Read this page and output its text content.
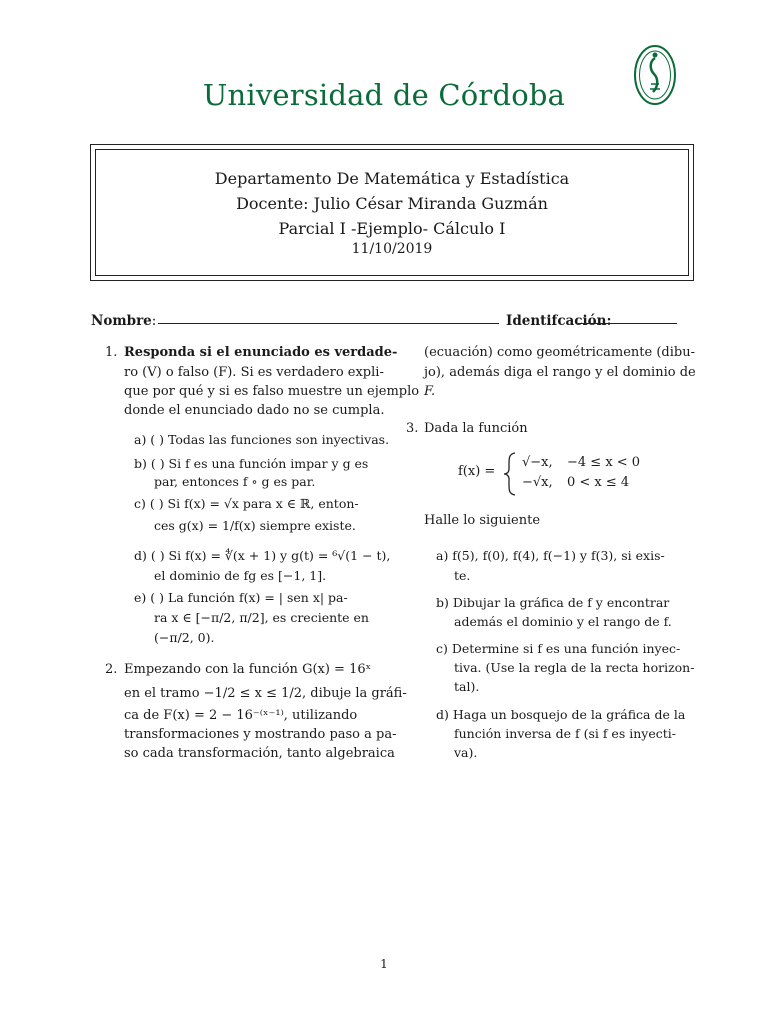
Universidad de Córdoba
Departamento De Matemática y Estadística
Docente: Julio César Miranda Guzmán
Parcial I -Ejemplo- Cálculo I
11/10/2019
Nombre:	Identifcación:
1. Responda si el enunciado es verdade-
ro (V) o falso (F). Si es verdadero expli-
que por qué y si es falso muestre un ejemplo
donde el enunciado dado no se cumpla.
a) ( ) Todas las funciones son inyectivas.
b) ( ) Si f es una función impar y g es
par, entonces f ∘ g es par.
c) ( ) Si f(x) = √x para x ∈ ℝ, enton-
ces g(x) = 1/f(x) siempre existe.
d) ( ) Si f(x) = ∜(x + 1) y g(t) = ⁶√(1 − t),
el dominio de fg es [−1, 1].
e) ( ) La función f(x) = | sen x| pa-
ra x ∈ [−π/2, π/2], es creciente en
(−π/2, 0).
2. Empezando con la función G(x) = 16ˣ
en el tramo −1/2 ≤ x ≤ 1/2, dibuje la gráfi-
ca de F(x) = 2 − 16⁻⁽ˣ⁻¹⁾, utilizando
transformaciones y mostrando paso a pa-
so cada transformación, tanto algebraica
(ecuación) como geométricamente (dibu-
jo), además diga el rango y el dominio de
F.
3. Dada la función
f(x) =
√−x, −4 ≤ x < 0
−√x, 0 < x ≤ 4
Halle lo siguiente
a) f(5), f(0), f(4), f(−1) y f(3), si exis-
te.
b) Dibujar la gráfica de f y encontrar
además el dominio y el rango de f.
c) Determine si f es una función inyec-
tiva. (Use la regla de la recta horizon-
tal).
d) Haga un bosquejo de la gráfica de la
función inversa de f (si f es inyecti-
va).
1
